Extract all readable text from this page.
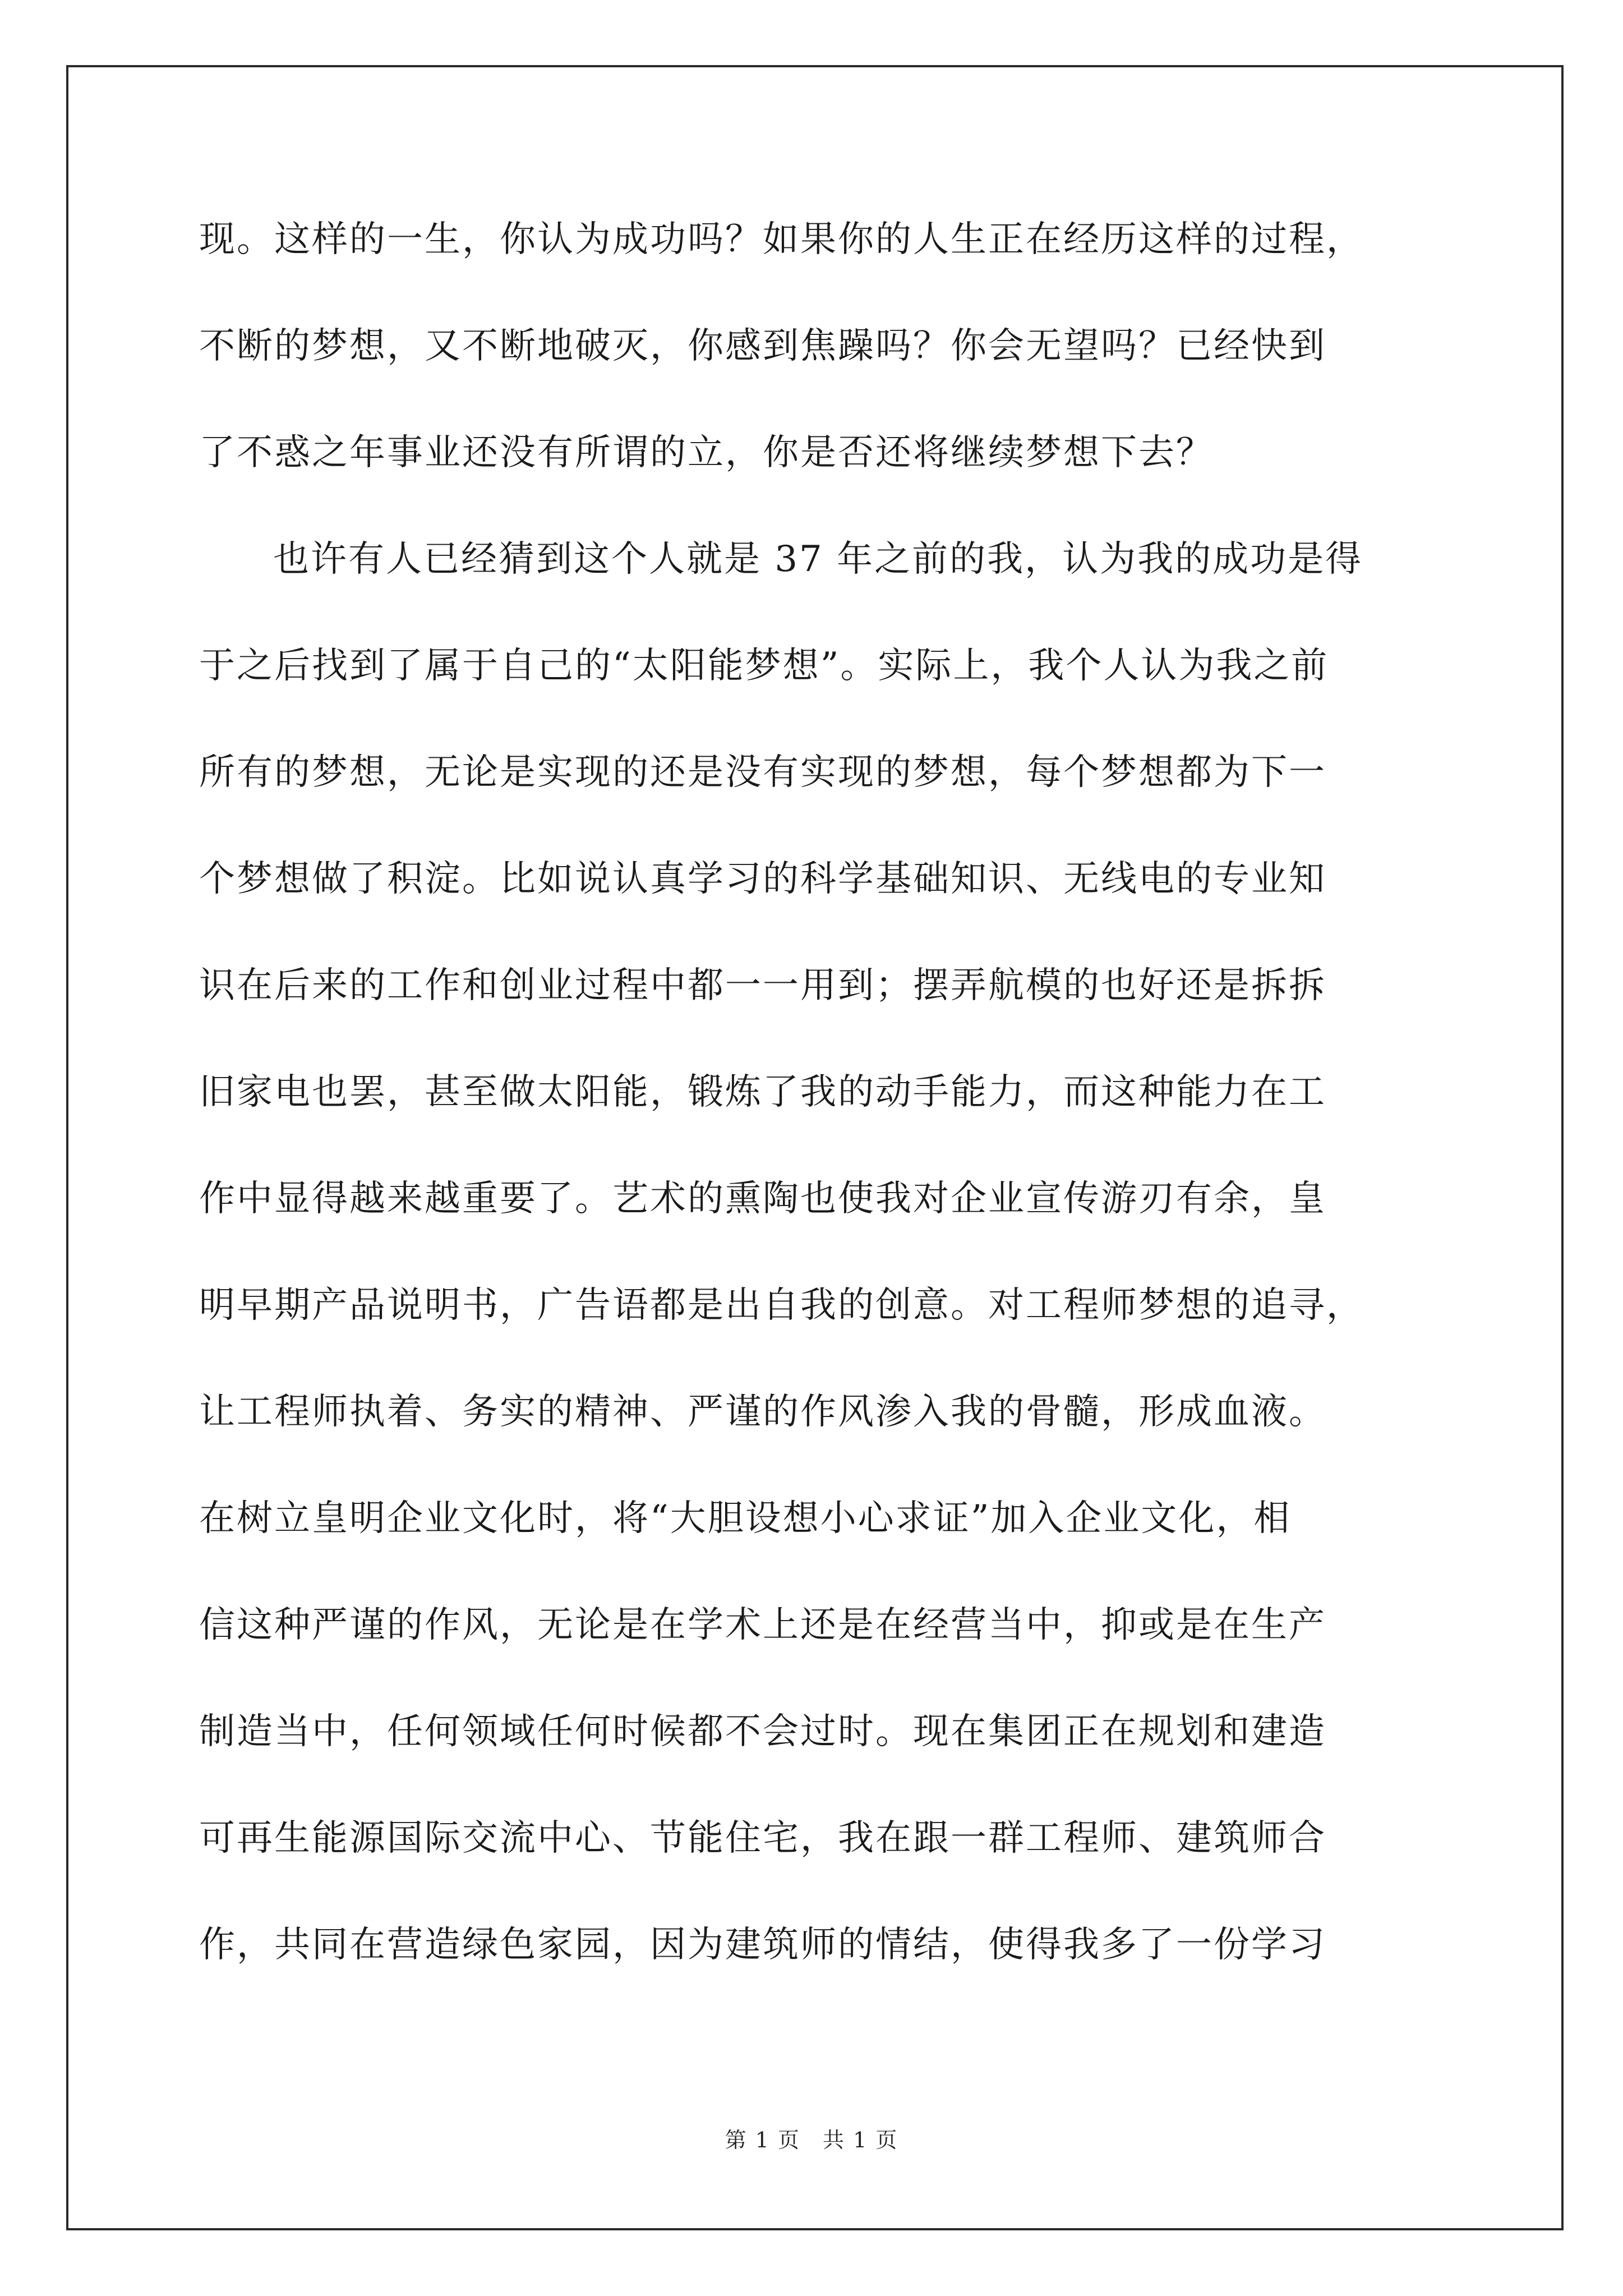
现。这样的一生，你认为成功吗？如果你的人生正在经历这样的过程，
不断的梦想，又不断地破灭，你感到焦躁吗？你会无望吗？已经快到
了不惑之年事业还没有所谓的立，你是否还将继续梦想下去？
也许有人已经猜到这个人就是 37 年之前的我，认为我的成功是得
于之后找到了属于自己的“太阳能梦想”。实际上，我个人认为我之前
所有的梦想，无论是实现的还是没有实现的梦想，每个梦想都为下一
个梦想做了积淀。比如说认真学习的科学基础知识、无线电的专业知
识在后来的工作和创业过程中都一一用到；摆弄航模的也好还是拆拆
旧家电也罢，甚至做太阳能，锻炼了我的动手能力，而这种能力在工
作中显得越来越重要了。艺术的熏陶也使我对企业宣传游刃有余，皇
明早期产品说明书，广告语都是出自我的创意。对工程师梦想的追寻，
让工程师执着、务实的精神、严谨的作风渗入我的骨髓，形成血液。
在树立皇明企业文化时，将“大胆设想小心求证”加入企业文化，相
信这种严谨的作风，无论是在学术上还是在经营当中，抑或是在生产
制造当中，任何领域任何时候都不会过时。现在集团正在规划和建造
可再生能源国际交流中心、节能住宅，我在跟一群工程师、建筑师合
作，共同在营造绿色家园，因为建筑师的情结，使得我多了一份学习
第 1 页　共 1 页
